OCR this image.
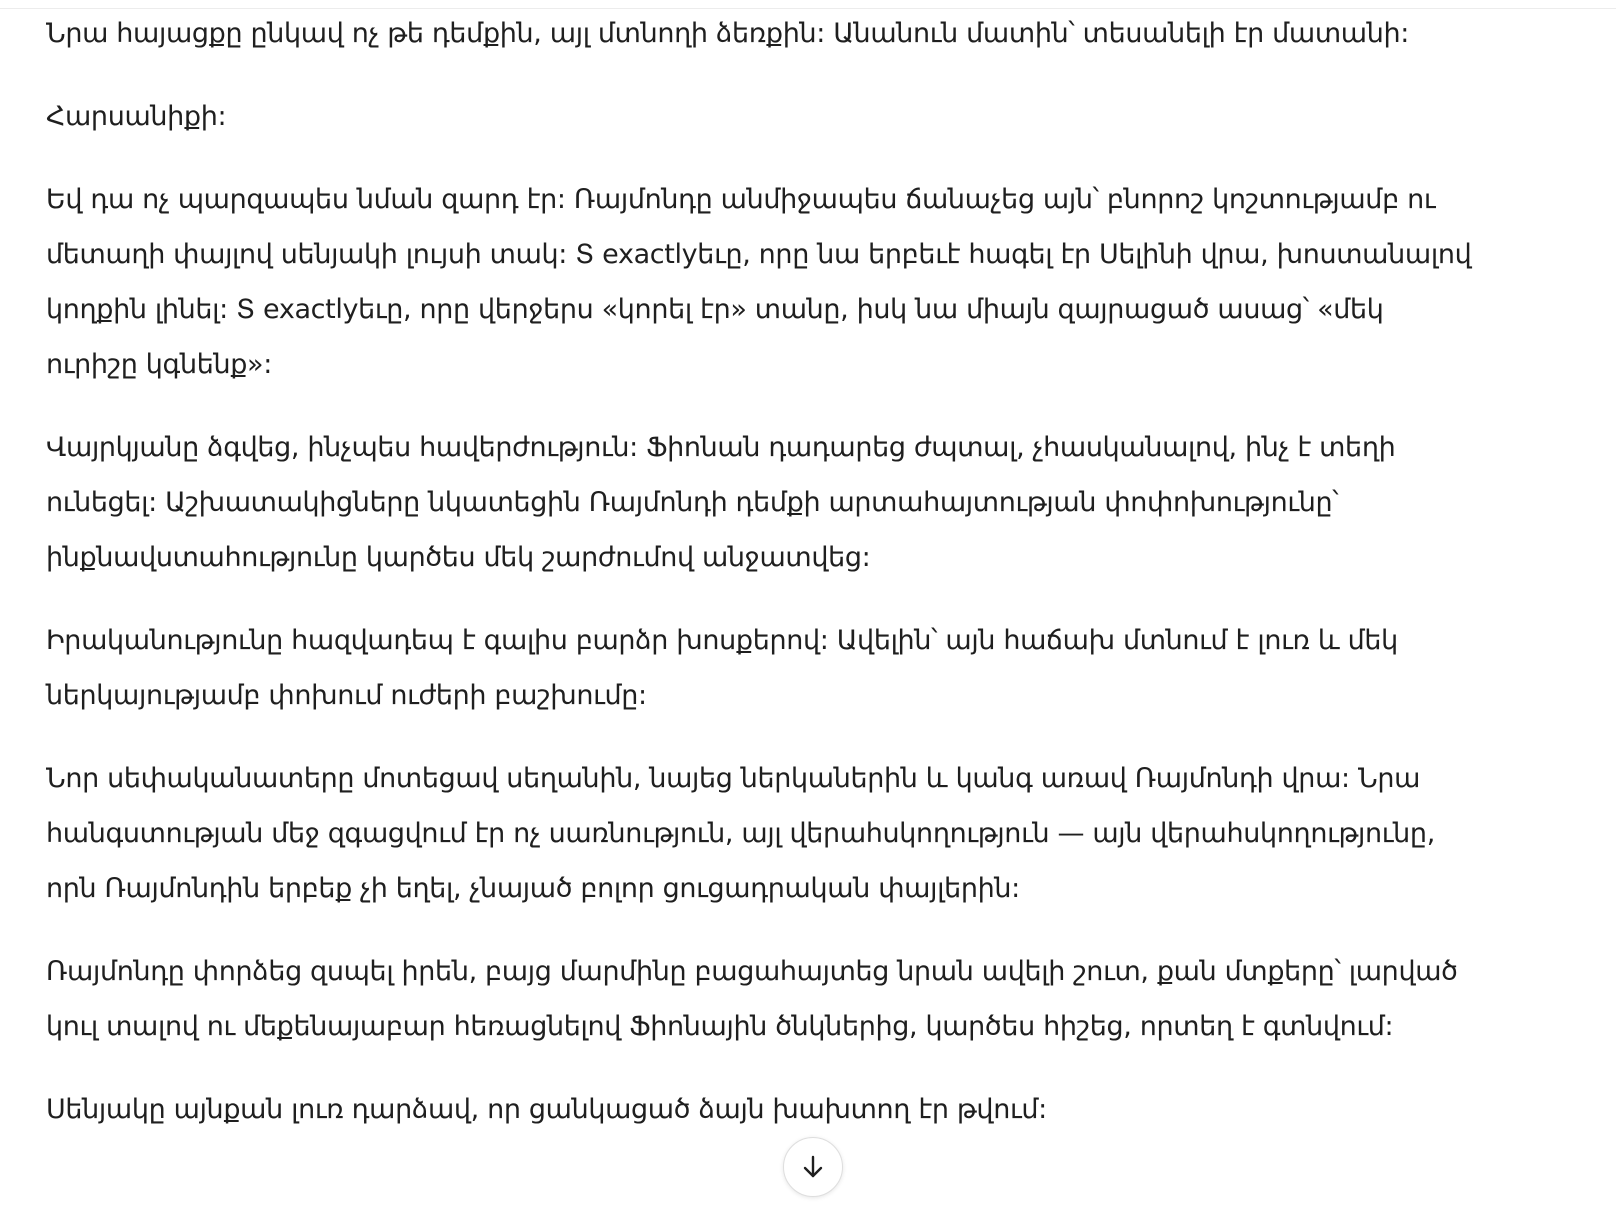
Նրա հայացքը ընկավ ոչ թե դեմքին, այլ մտնողի ձեռքին: Անանուն մատին՝ տեսանելի էր մատանի:

Հարսանիքի:

Եվ դա ոչ պարզապես նման զարդ էր: Ռայմոնդը անմիջապես ճանաչեց այն՝ բնորոշ կոշտությամբ ու
մետաղի փայլով սենյակի լույսի տակ: Տ exactlyեւը, որը նա երբեւէ հագել էր Սելինի վրա, խոստանալով
կողքին լինել: Տ exactlyեւը, որը վերջերս «կորել էր» տանը, իսկ նա միայն զայրացած ասաց՝ «մեկ
ուրիշը կգնենք»:

Վայրկյանը ձգվեց, ինչպես հավերժություն: Ֆիոնան դադարեց ժպտալ, չհասկանալով, ինչ է տեղի
ունեցել: Աշխատակիցները նկատեցին Ռայմոնդի դեմքի արտահայտության փոփոխությունը՝
ինքնավստահությունը կարծես մեկ շարժումով անջատվեց:

Իրականությունը հազվադեպ է գալիս բարձր խոսքերով: Ավելին՝ այն հաճախ մտնում է լուռ և մեկ
ներկայությամբ փոխում ուժերի բաշխումը:

Նոր սեփականատերը մոտեցավ սեղանին, նայեց ներկաներին և կանգ առավ Ռայմոնդի վրա: Նրա
հանգստության մեջ զգացվում էր ոչ սառնություն, այլ վերահսկողություն — այն վերահսկողությունը,
որն Ռայմոնդին երբեք չի եղել, չնայած բոլոր ցուցադրական փայլերին:

Ռայմոնդը փորձեց զսպել իրեն, բայց մարմինը բացահայտեց նրան ավելի շուտ, քան մտքերը՝ լարված
կուլ տալով ու մեքենայաբար հեռացնելով Ֆիոնային ծնկներից, կարծես հիշեց, որտեղ է գտնվում:

Սենյակը այնքան լուռ դարձավ, որ ցանկացած ձայն խախտող էր թվում:
